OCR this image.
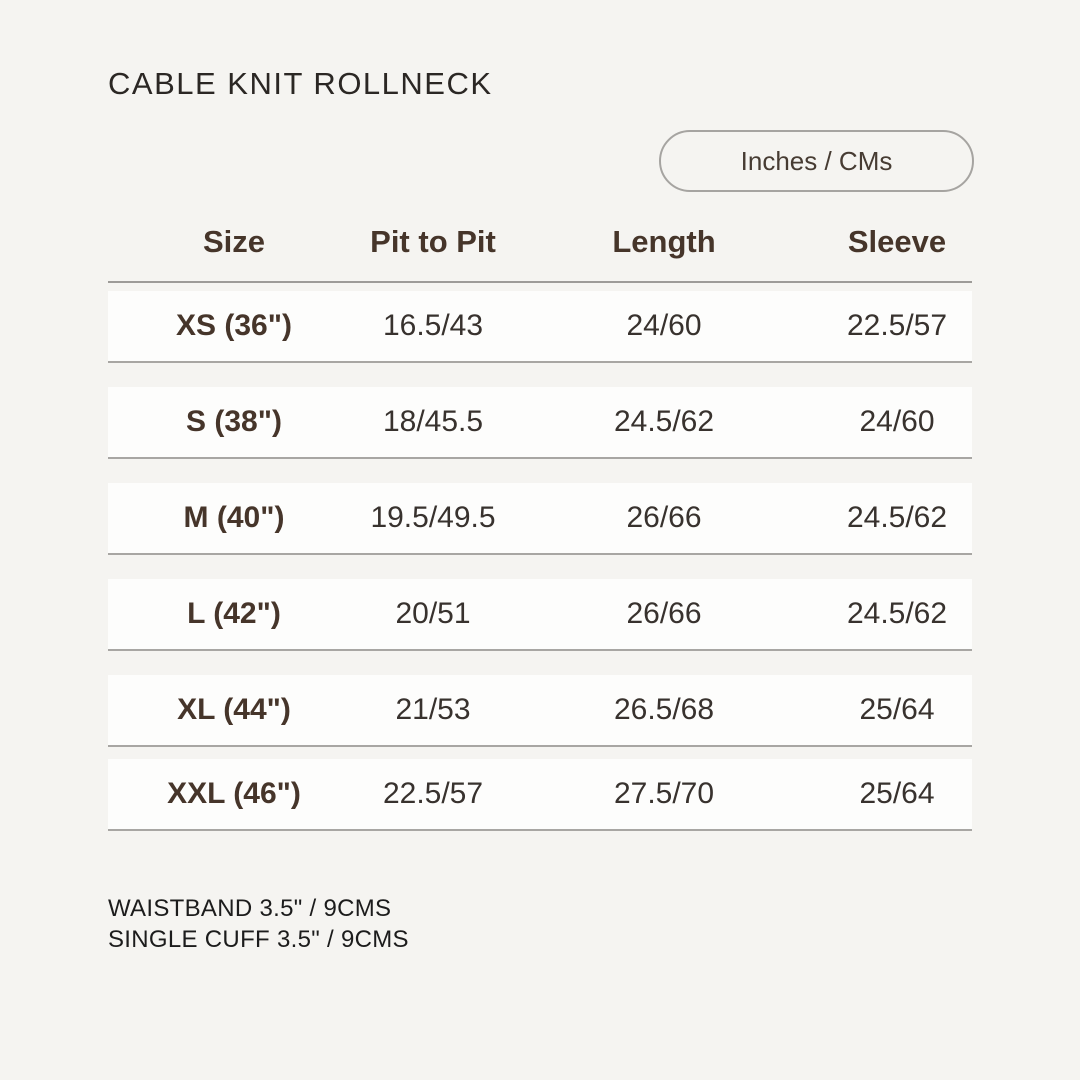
CABLE KNIT ROLLNECK
Inches / CMs
Size	Pit to Pit	Length	Sleeve
XS (36")	16.5/43	24/60	22.5/57
S (38")	18/45.5	24.5/62	24/60
M (40")	19.5/49.5	26/66	24.5/62
L (42")	20/51	26/66	24.5/62
XL (44")	21/53	26.5/68	25/64
XXL (46")	22.5/57	27.5/70	25/64
WAISTBAND 3.5" / 9CMS
SINGLE CUFF 3.5" / 9CMS
